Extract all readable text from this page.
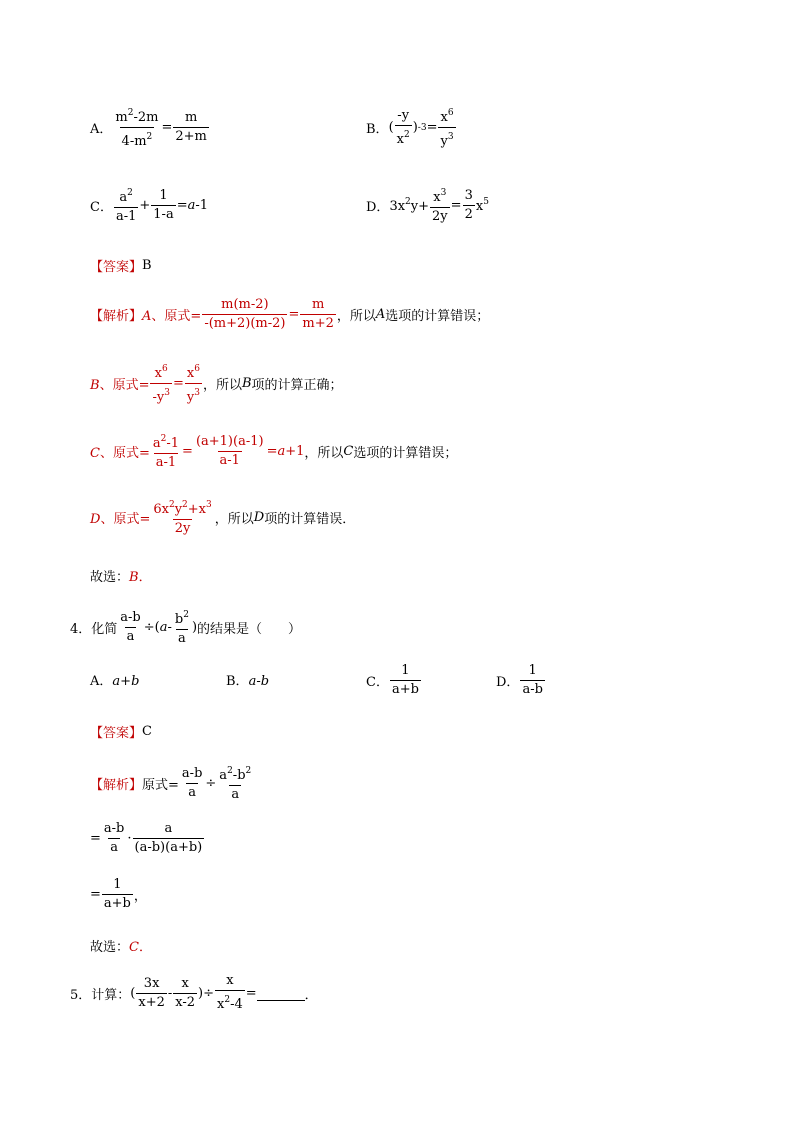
A． $\frac{m^2-2m}{4-m^2} = \frac{m}{2+m}$	B． ( $\frac{-y}{x^2}$ ) $-3 = \frac{x^6}{y^3}$
C． $\frac{a^2}{a-1} + \frac{1}{1-a} =a-1$	D． $3x^2y+ \frac{x^3}{2y} = \frac{3}{2} x^5$
【答案】 B
【解析】 A、原式= $\frac{m(m-2)}{-(m+2)(m-2)} = \frac{m}{m+2}$ ，所以 A 选项的计算错误；
B、原式= $\frac{x^6}{-y^3} = \frac{x^6}{y^3}$ ，所以 B 项的计算正确；
C、原式= $\frac{a^2-1}{a-1} = \frac{(a+1)(a-1)}{a-1} =a+1$ ，所以 C 选项的计算错误；
D、原式= $\frac{6x^2y^2+x^3}{2y}$ ，所以 D 项的计算错误．
故选： B．
4．化简 $\frac{a-b}{a} \div(a- \frac{b^2}{a}$ ) 的结果是（　　）
A．a+b	B．a-b	C． $\frac{1}{a+b}$	D． $\frac{1}{a-b}$
【答案】 C
【解析】 原式= $\frac{a-b}{a} \div \frac{a^2-b^2}{a}$
= $\frac{a-b}{a} \cdot \frac{a}{(a-b)(a+b)}$
= $\frac{1}{a+b}$ ，
故选： C．
5．计算： ( $\frac{3x}{x+2} - \frac{x}{x-2}$ )÷ $\frac{x}{x^2-4}$ =	．
